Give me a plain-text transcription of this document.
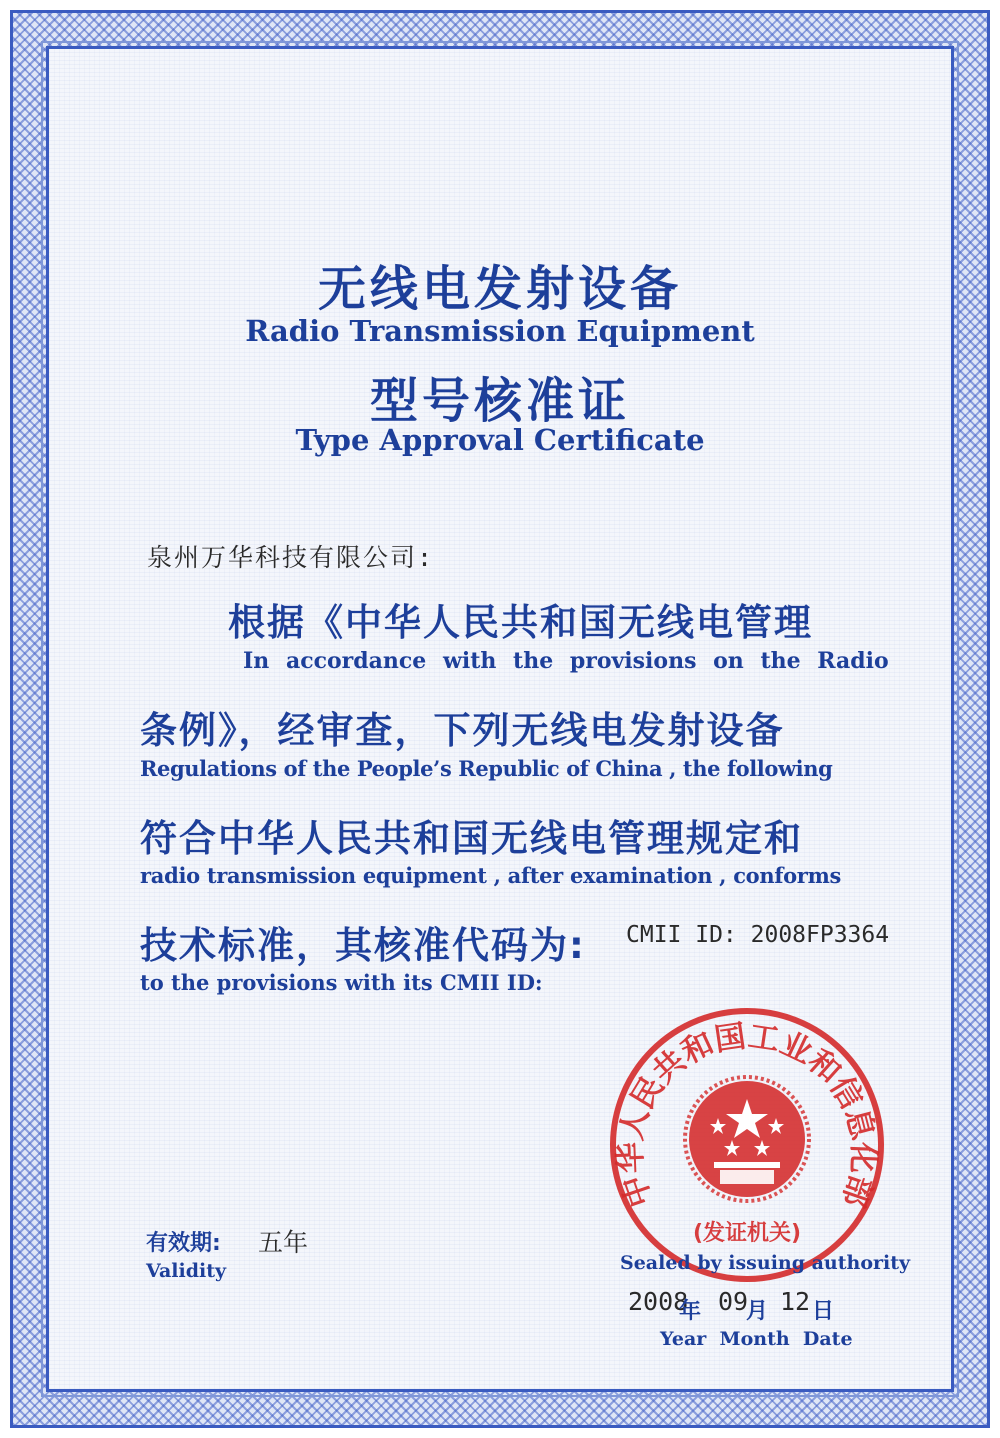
无线电发射设备
Radio Transmission Equipment
型号核准证
Type Approval Certificate
泉州万华科技有限公司:
根据《中华人民共和国无线电管理
In accordance with the provisions on the Radio
条例》，经审查，下列无线电发射设备
Regulations of the People’s Republic of China , the following
符合中华人民共和国无线电管理规定和
radio transmission equipment , after examination , conforms
技术标准，其核准代码为: CMII ID: 2008FP3364
to the provisions with its CMII ID:
中华人民共和国工业和信息化部
(发证机关)
有效期: 五年
Validity	Sealed by issuing authority
2008
年 09
月 12 日
Year  Month  Date
